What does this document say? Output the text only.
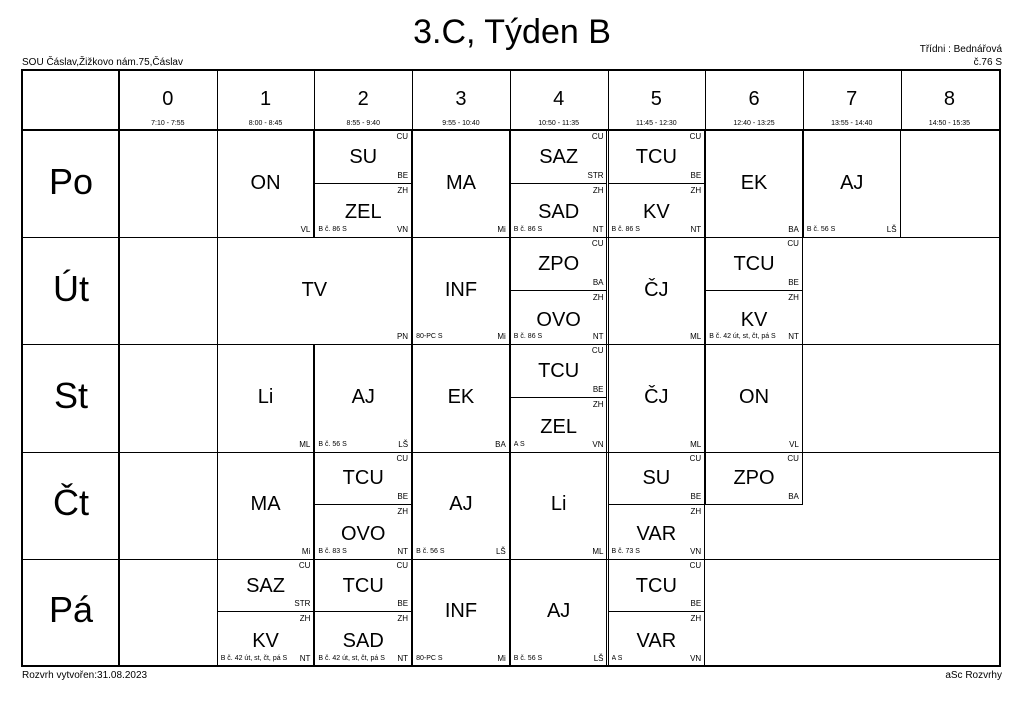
3.C, Týden B
SOU Čáslav,Žižkovo nám.75,Čáslav
Třídni : Bednářová
č.76 S
0
7:10 - 7:55
1
8:00 - 8:45
2
8:55 - 9:40
3
9:55 - 10:40
4
10:50 - 11:35
5
11:45 - 12:30
6
12:40 - 13:25
7
13:55 - 14:40
8
14:50 - 15:35
Po
Út
St
Čt
Pá
ON
VL
SU
CU
BE
ZEL
ZH
VN
B č. 86 S
MA
Mi
SAZ
CU
STR
SAD
ZH
NT
B č. 86 S
TCU
CU
BE
KV
ZH
NT
B č. 86 S
EK
BA
AJ
LŠ
B č. 56 S
TV
PN
INF
Mi
80-PC S
ZPO
CU
BA
OVO
ZH
NT
B č. 86 S
ČJ
ML
TCU
CU
BE
KV
ZH
NT
B č. 42 út, st, čt, pá S
Li
ML
AJ
LŠ
B č. 56 S
EK
BA
TCU
CU
BE
ZEL
ZH
VN
A S
ČJ
ML
ON
VL
MA
Mi
TCU
CU
BE
OVO
ZH
NT
B č. 83 S
AJ
LŠ
B č. 56 S
Li
ML
SU
CU
BE
VAR
ZH
VN
B č. 73 S
ZPO
CU
BA
SAZ
CU
STR
KV
ZH
NT
B č. 42 út, st, čt, pá S
TCU
CU
BE
SAD
ZH
NT
B č. 42 út, st, čt, pá S
INF
Mi
80-PC S
AJ
LŠ
B č. 56 S
TCU
CU
BE
VAR
ZH
VN
A S
Rozvrh vytvořen:31.08.2023	aSc Rozvrhy
